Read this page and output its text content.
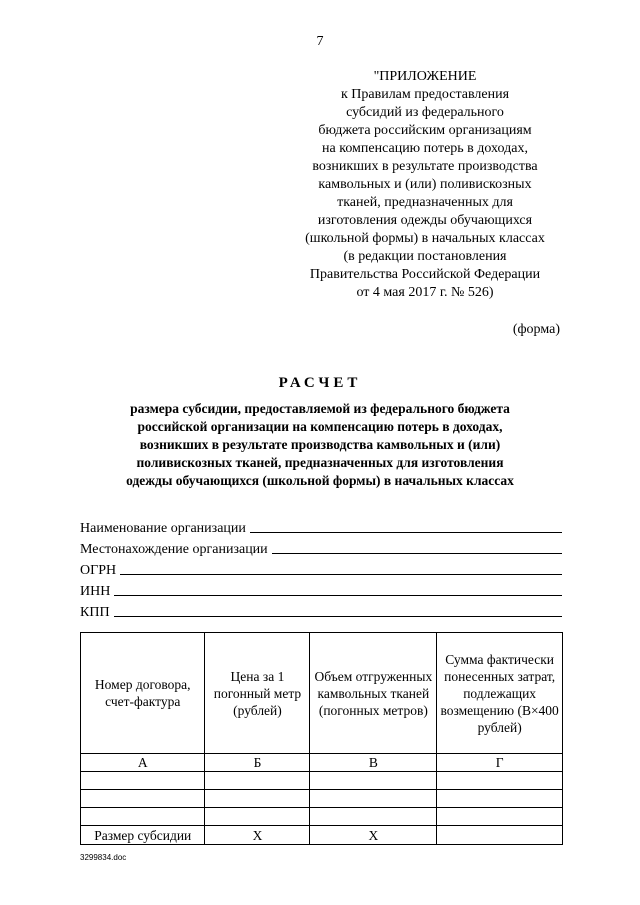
7
"ПРИЛОЖЕНИЕ
к Правилам предоставления
субсидий из федерального
бюджета российским организациям
на компенсацию потерь в доходах,
возникших в результате производства
камвольных и (или) поливискозных
тканей, предназначенных для
изготовления одежды обучающихся
(школьной формы) в начальных классах
(в редакции постановления
Правительства Российской Федерации
от 4 мая 2017 г. № 526)
(форма)
РАСЧЕТ
размера субсидии, предоставляемой из федерального бюджета
российской организации на компенсацию потерь в доходах,
возникших в результате производства камвольных и (или)
поливискозных тканей, предназначенных для изготовления
одежды обучающихся (школьной формы) в начальных классах
Наименование организации
Местонахождение организации
ОГРН
ИНН
КПП
Номер договора, счет-фактура	Цена за 1 погонный метр (рублей)	Объем отгруженных камвольных тканей (погонных метров)	Сумма фактически понесенных затрат, подлежащих возмещению (В×400 рублей)
А	Б	В	Г

Размер субсидии	Х	Х	
3299834.doc
